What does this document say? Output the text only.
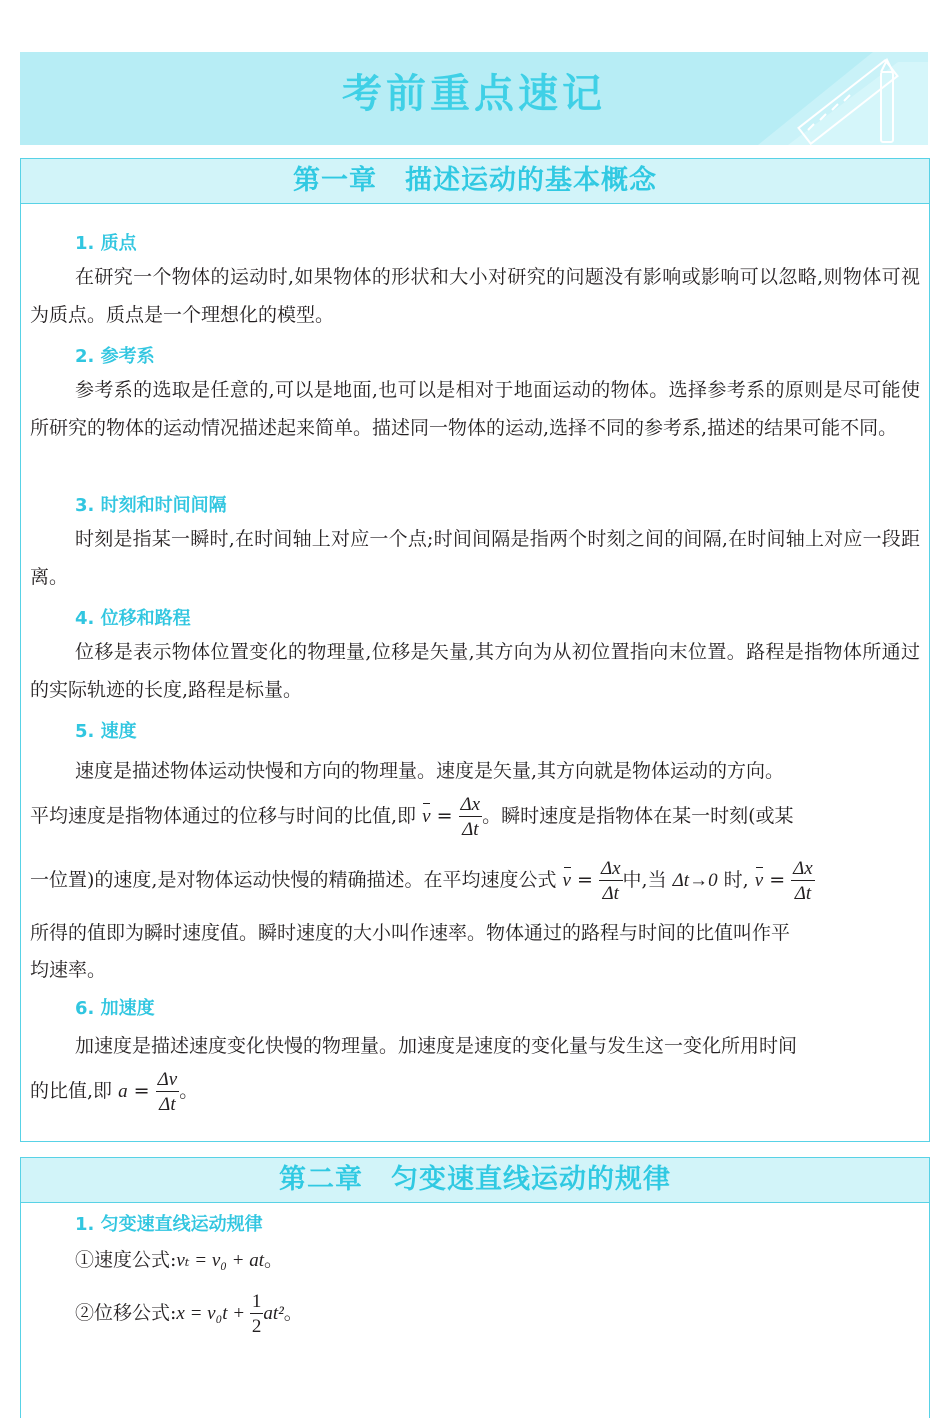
考前重点速记
第一章　描述运动的基本概念
1. 质点
在研究一个物体的运动时,如果物体的形状和大小对研究的问题没有影响或影响可以忽略,则物体可视为质点。质点是一个理想化的模型。
2. 参考系
参考系的选取是任意的,可以是地面,也可以是相对于地面运动的物体。选择参考系的原则是尽可能使所研究的物体的运动情况描述起来简单。描述同一物体的运动,选择不同的参考系,描述的结果可能不同。
3. 时刻和时间间隔
时刻是指某一瞬时,在时间轴上对应一个点;时间间隔是指两个时刻之间的间隔,在时间轴上对应一段距离。
4. 位移和路程
位移是表示物体位置变化的物理量,位移是矢量,其方向为从初位置指向末位置。路程是指物体所通过的实际轨迹的长度,路程是标量。
5. 速度
速度是描述物体运动快慢和方向的物理量。速度是矢量,其方向就是物体运动的方向。
平均速度是指物体通过的位移与时间的比值,即 $v = \frac{\Delta x}{\Delta t}$ 。瞬时速度是指物体在某一时刻(或某
一位置)的速度,是对物体运动快慢的精确描述。在平均速度公式 $v = \frac{\Delta x}{\Delta t}$ 中,当 Δt→0 时, $v = \frac{\Delta x}{\Delta t}$
所得的值即为瞬时速度值。瞬时速度的大小叫作速率。物体通过的路程与时间的比值叫作平
均速率。
6. 加速度
加速度是描述速度变化快慢的物理量。加速度是速度的变化量与发生这一变化所用时间
的比值,即 $a = \frac{\Delta v}{\Delta t}$ 。
第二章　匀变速直线运动的规律
1. 匀变速直线运动规律
①速度公式:vₜ = v₀ + at。
②位移公式:x = $v_0t + \frac{1}{2} at^2$。
